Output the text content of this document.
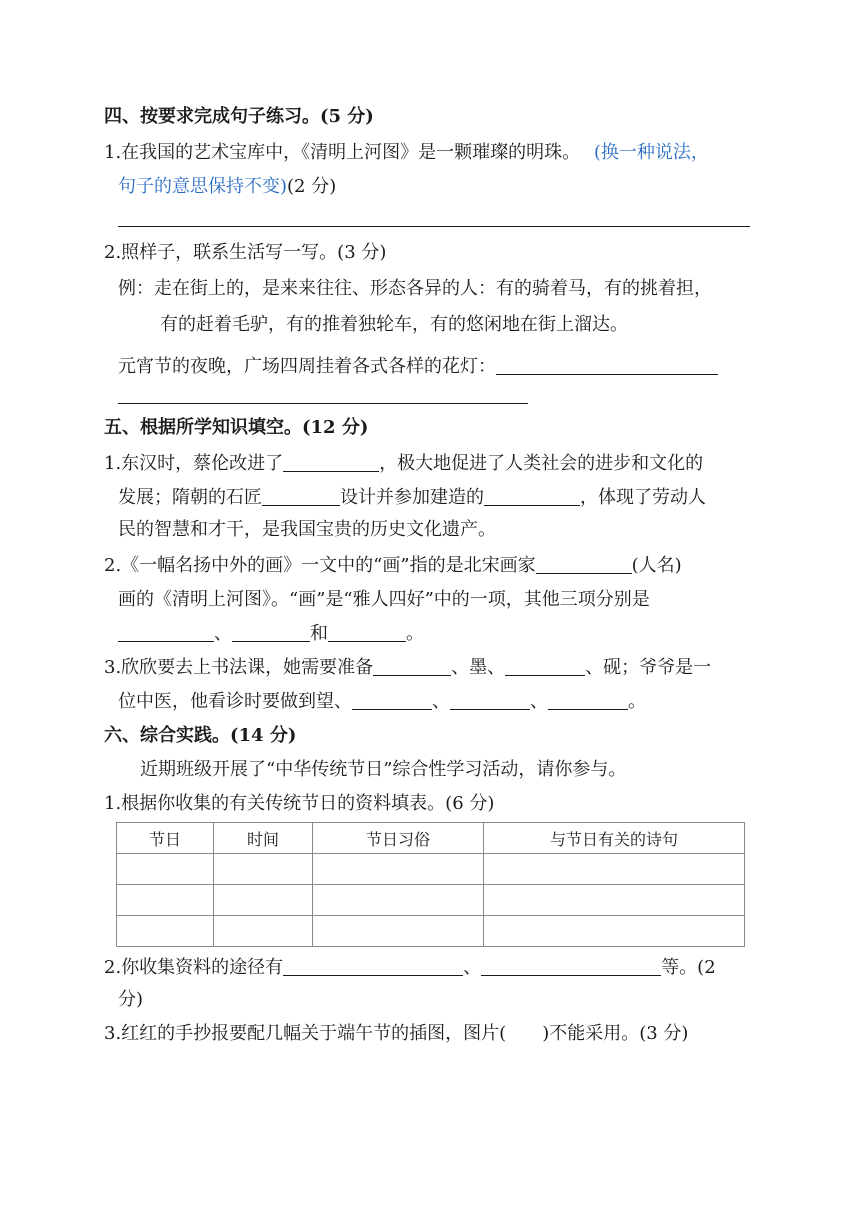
四、按要求完成句子练习。(5 分)
1.在我国的艺术宝库中，《清明上河图》是一颗璀璨的明珠。 (换一种说法，
句子的意思保持不变)(2 分)
2.照样子，联系生活写一写。(3 分)
例：走在街上的，是来来往往、形态各异的人：有的骑着马，有的挑着担，
有的赶着毛驴，有的推着独轮车，有的悠闲地在街上溜达。
元宵节的夜晚，广场四周挂着各式各样的花灯：
五、根据所学知识填空。(12 分)
1.东汉时，蔡伦改进了	，极大地促进了人类社会的进步和文化的
发展；隋朝的石匠	设计并参加建造的	，体现了劳动人
民的智慧和才干，是我国宝贵的历史文化遗产。
2.《一幅名扬中外的画》一文中的“画”指的是北宋画家	(人名)
画的《清明上河图》。“画”是“雅人四好”中的一项，其他三项分别是
、	和	。
3.欣欣要去上书法课，她需要准备	、墨、	、砚；爷爷是一
位中医，他看诊时要做到望、	、	、	。
六、综合实践。(14 分)
近期班级开展了“中华传统节日”综合性学习活动，请你参与。
1.根据你收集的有关传统节日的资料填表。(6 分)
节日	时间	节日习俗	与节日有关的诗句

2.你收集资料的途径有	、	等。(2
分)
3.红红的手抄报要配几幅关于端午节的插图，图片(　　)不能采用。(3 分)
